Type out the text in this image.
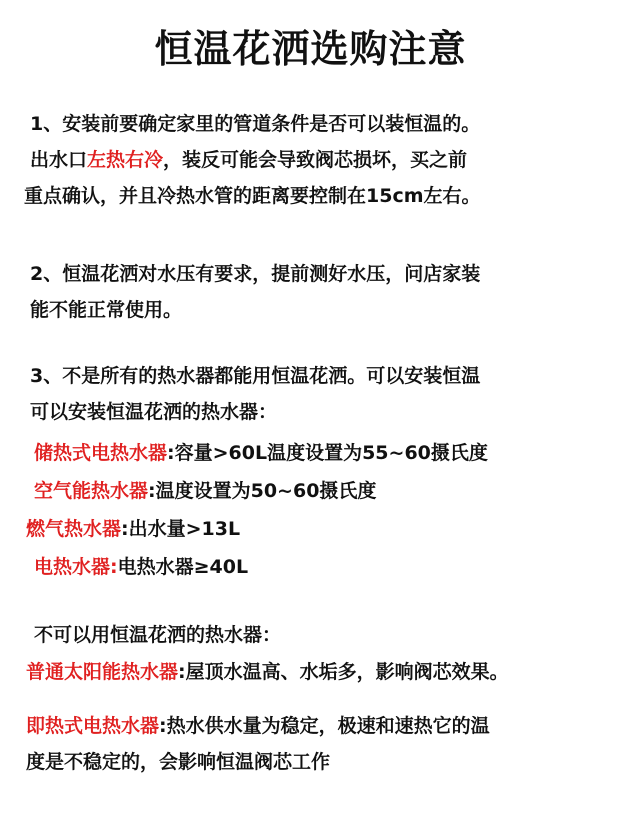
恒温花洒选购注意
1、安装前要确定家里的管道条件是否可以装恒温的。
出水口左热右冷，装反可能会导致阀芯损坏，买之前
重点确认，并且冷热水管的距离要控制在15cm左右。
2、恒温花洒对水压有要求，提前测好水压，问店家装
能不能正常使用。
3、不是所有的热水器都能用恒温花洒。可以安装恒温
可以安装恒温花洒的热水器：
储热式电热水器:容量>60L温度设置为55~60摄氏度
空气能热水器:温度设置为50~60摄氏度
燃气热水器:出水量>13L
电热水器:电热水器≥40L
不可以用恒温花洒的热水器：
普通太阳能热水器:屋顶水温高、水垢多，影响阀芯效果。
即热式电热水器:热水供水量为稳定，极速和速热它的温
度是不稳定的，会影响恒温阀芯工作
